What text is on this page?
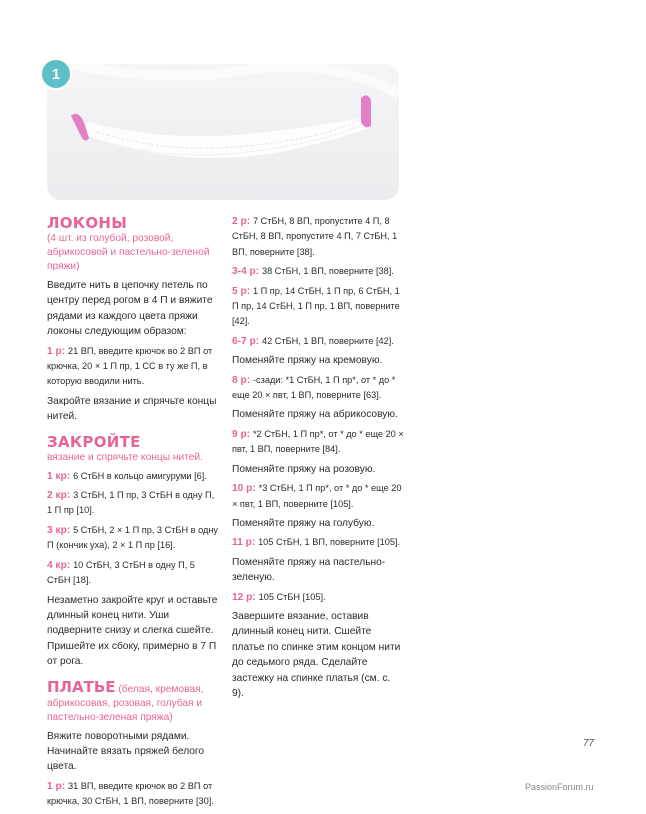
1
ЛОКОНЫ
(4 шт. из голубой, розовой, абрикосовой и пастельно-зеленой пряжи)

Введите нить в цепочку петель по центру перед рогом в 4 П и вяжите рядами из каждого цвета пряжи локоны следующим образом:

1 р: 21 ВП, введите крючок во 2 ВП от крючка, 20 × 1 П пр, 1 СС в ту же П, в которую вводили нить.

Закройте вязание и спрячьте концы нитей.

ЗАКРОЙТЕ
вязание и спрячьте концы нитей.

1 кр: 6 СтБН в кольцо амигуруми [6].

2 кр: 3 СтБН, 1 П пр, 3 СтБН в одну П, 1 П пр [10].

3 кр: 5 СтБН, 2 × 1 П пр, 3 СтБН в одну П (кончик уха), 2 × 1 П пр [16].

4 кр: 10 СтБН, 3 СтБН в одну П, 5 СтБН [18].

Незаметно закройте круг и оставьте длинный конец нити. Уши подверните снизу и слегка сшейте. Пришейте их сбоку, примерно в 7 П от рога.

ПЛАТЬЕ (белая, кремовая, абрикосовая, розовая, голубая и пастельно-зеленая пряжа)

Вяжите поворотными рядами. Начинайте вязать пряжей белого цвета.

1 р: 31 ВП, введите крючок во 2 ВП от крючка, 30 СтБН, 1 ВП, поверните [30].

2 р: 7 СтБН, 8 ВП, пропустите 4 П, 8 СтБН, 8 ВП, пропустите 4 П, 7 СтБН, 1 ВП, поверните [38].

3-4 р: 38 СтБН, 1 ВП, поверните [38].

5 р: 1 П пр, 14 СтБН, 1 П пр, 6 СтБН, 1 П пр, 14 СтБН, 1 П пр, 1 ВП, поверните [42].

6-7 р: 42 СтБН, 1 ВП, поверните [42].

Поменяйте пряжу на кремовую.

8 р: -сзади: *1 СтБН, 1 П пр*, от * до * еще 20 × пвт, 1 ВП, поверните [63].

Поменяйте пряжу на абрикосовую.

9 р: *2 СтБН, 1 П пр*, от * до * еще 20 × пвт, 1 ВП, поверните [84].

Поменяйте пряжу на розовую.

10 р: *3 СтБН, 1 П пр*, от * до * еще 20 × пвт, 1 ВП, поверните [105].

Поменяйте пряжу на голубую.

11 р: 105 СтБН, 1 ВП, поверните [105].

Поменяйте пряжу на пастельно-зеленую.

12 р: 105 СтБН [105].

Завершите вязание, оставив длинный конец нити. Сшейте платье по спинке этим концом нити до седьмого ряда. Сделайте застежку на спинке платья (см. с. 9).

77
PassionForum.ru
